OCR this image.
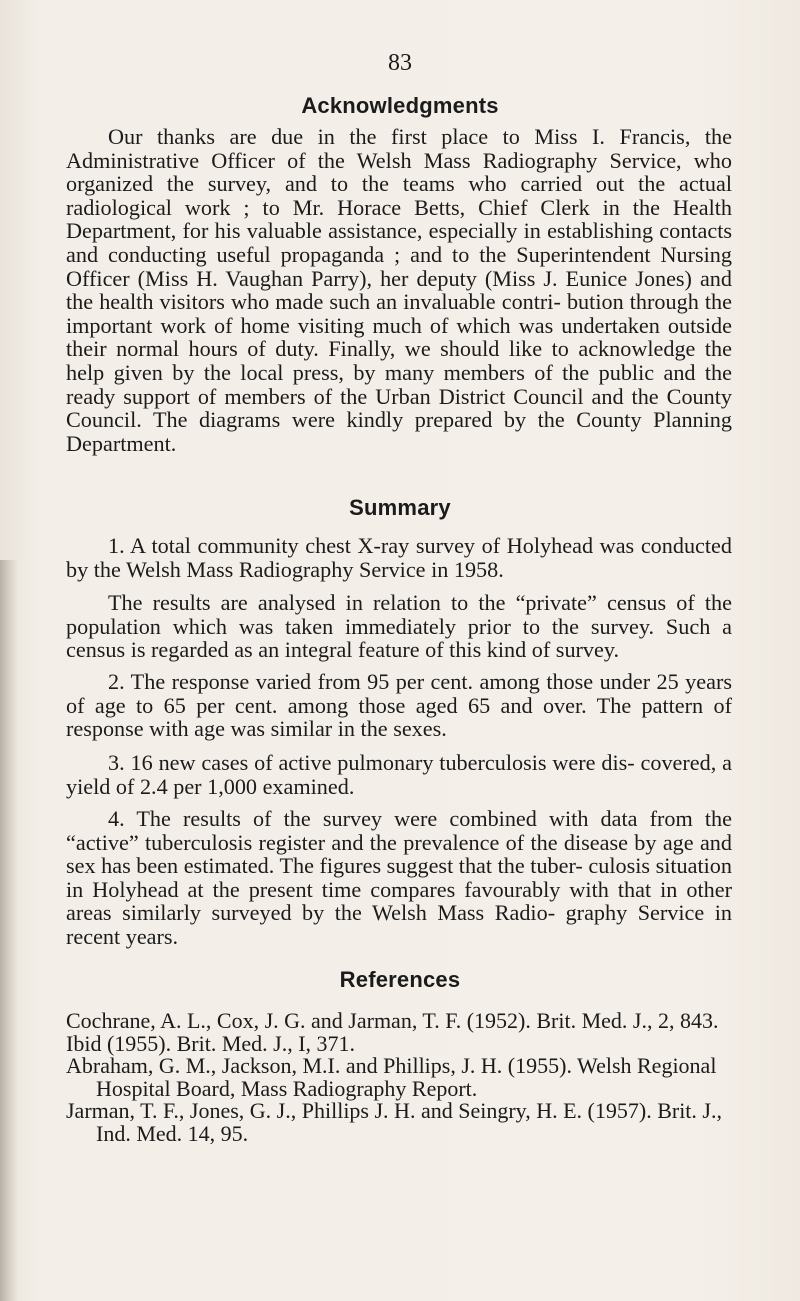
83
Acknowledgments
Our thanks are due in the first place to Miss I. Francis, the Administrative Officer of the Welsh Mass Radiography Service, who organized the survey, and to the teams who carried out the actual radiological work ; to Mr. Horace Betts, Chief Clerk in the Health Department, for his valuable assistance, especially in establishing contacts and conducting useful propaganda ; and to the Superintendent Nursing Officer (Miss H. Vaughan Parry), her deputy (Miss J. Eunice Jones) and the health visitors who made such an invaluable contri- bution through the important work of home visiting much of which was undertaken outside their normal hours of duty. Finally, we should like to acknowledge the help given by the local press, by many members of the public and the ready support of members of the Urban District Council and the County Council. The diagrams were kindly prepared by the County Planning Department.
Summary
1. A total community chest X-ray survey of Holyhead was conducted by the Welsh Mass Radiography Service in 1958.
The results are analysed in relation to the “private” census of the population which was taken immediately prior to the survey. Such a census is regarded as an integral feature of this kind of survey.
2. The response varied from 95 per cent. among those under 25 years of age to 65 per cent. among those aged 65 and over. The pattern of response with age was similar in the sexes.
3. 16 new cases of active pulmonary tuberculosis were dis- covered, a yield of 2.4 per 1,000 examined.
4. The results of the survey were combined with data from the “active” tuberculosis register and the prevalence of the disease by age and sex has been estimated. The figures suggest that the tuber- culosis situation in Holyhead at the present time compares favourably with that in other areas similarly surveyed by the Welsh Mass Radio- graphy Service in recent years.
References
Cochrane, A. L., Cox, J. G. and Jarman, T. F. (1952). Brit. Med. J., 2, 843.
Ibid (1955). Brit. Med. J., I, 371.
Abraham, G. M., Jackson, M.I. and Phillips, J. H. (1955). Welsh Regional Hospital Board, Mass Radiography Report.
Jarman, T. F., Jones, G. J., Phillips J. H. and Seingry, H. E. (1957). Brit. J., Ind. Med. 14, 95.
